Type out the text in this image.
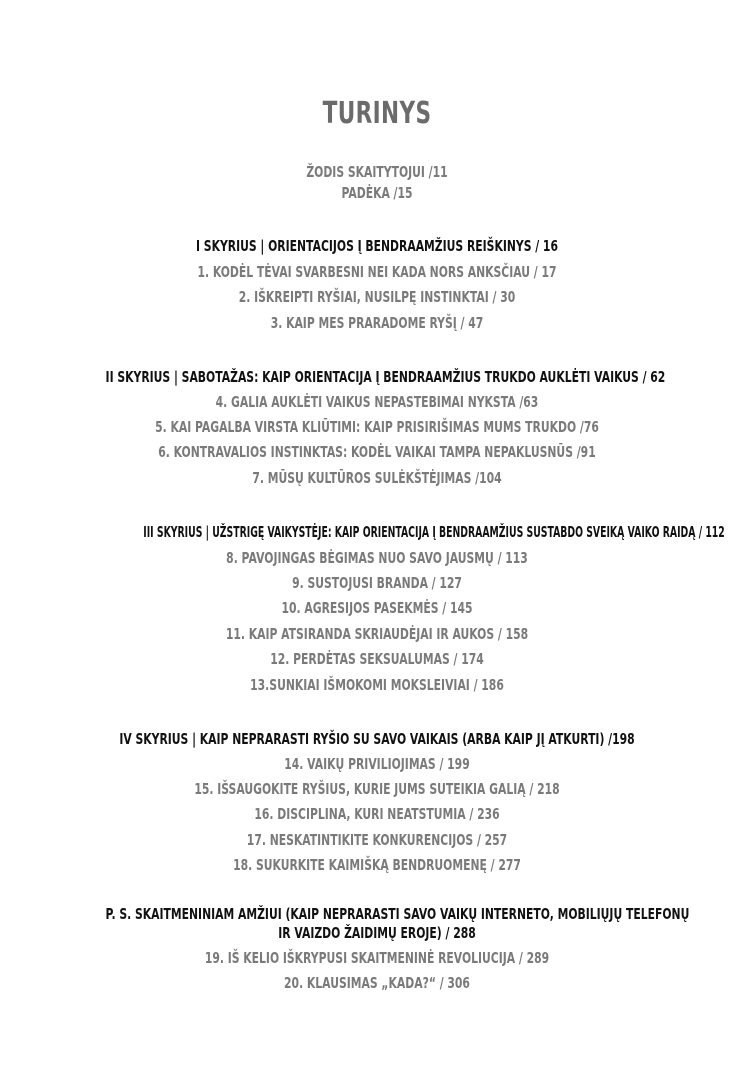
TURINYS
ŽODIS SKAITYTOJUI /11
PADĖKA /15
I SKYRIUS | ORIENTACIJOS Į BENDRAAMŽIUS REIŠKINYS / 16
1. KODĖL TĖVAI SVARBESNI NEI KADA NORS ANKSČIAU / 17
2. IŠKREIPTI RYŠIAI, NUSILPĘ INSTINKTAI / 30
3. KAIP MES PRARADOME RYŠĮ / 47
II SKYRIUS | SABOTAŽAS: KAIP ORIENTACIJA Į BENDRAAMŽIUS TRUKDO AUKLĖTI VAIKUS / 62
4. GALIA AUKLĖTI VAIKUS NEPASTEBIMAI NYKSTA /63
5. KAI PAGALBA VIRSTA KLIŪTIMI: KAIP PRISIRIŠIMAS MUMS TRUKDO /76
6. KONTRAVALIOS INSTINKTAS: KODĖL VAIKAI TAMPA NEPAKLUSNŪS /91
7. MŪSŲ KULTŪROS SULĖKŠTĖJIMAS /104
III SKYRIUS | UŽSTRIGĘ VAIKYSTĖJE: KAIP ORIENTACIJA Į BENDRAAMŽIUS SUSTABDO SVEIKĄ VAIKO RAIDĄ / 112
8. PAVOJINGAS BĖGIMAS NUO SAVO JAUSMŲ / 113
9. SUSTOJUSI BRANDA / 127
10. AGRESIJOS PASEKMĖS / 145
11. KAIP ATSIRANDA SKRIAUDĖJAI IR AUKOS / 158
12. PERDĖTAS SEKSUALUMAS / 174
13.SUNKIAI IŠMOKOMI MOKSLEIVIAI / 186
IV SKYRIUS | KAIP NEPRARASTI RYŠIO SU SAVO VAIKAIS (ARBA KAIP JĮ ATKURTI) /198
14. VAIKŲ PRIVILIOJIMAS / 199
15. IŠSAUGOKITE RYŠIUS, KURIE JUMS SUTEIKIA GALIĄ / 218
16. DISCIPLINA, KURI NEATSTUMIA / 236
17. NESKATINTIKITE KONKURENCIJOS / 257
18. SUKURKITE KAIMIŠKĄ BENDRUOMENĘ / 277
P. S. SKAITMENINIAM AMŽIUI (KAIP NEPRARASTI SAVO VAIKŲ INTERNETO, MOBILIŲJŲ TELEFONŲ
IR VAIZDO ŽAIDIMŲ EROJE) / 288
19. IŠ KELIO IŠKRYPUSI SKAITMENINĖ REVOLIUCIJA / 289
20. KLAUSIMAS „KADA?“ / 306
